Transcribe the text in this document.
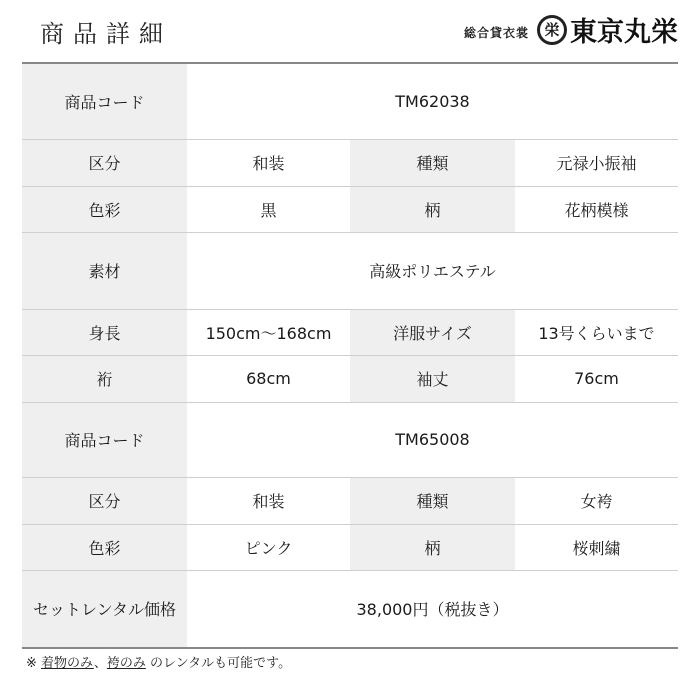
商品詳細	総合貸衣裳	栄 東京丸栄
商品コード	TM62038		
区分	和装	種類	元禄小振袖
色彩	黒	柄	花柄模様
素材	高級ポリエステル		
身長	150cm～168cm	洋服サイズ	13号くらいまで
裄	68cm	袖丈	76cm
商品コード	TM65008		
区分	和装	種類	女袴
色彩	ピンク	柄	桜刺繍
セットレンタル価格	38,000円（税抜き）		
※ 着物のみ、袴のみ のレンタルも可能です。
